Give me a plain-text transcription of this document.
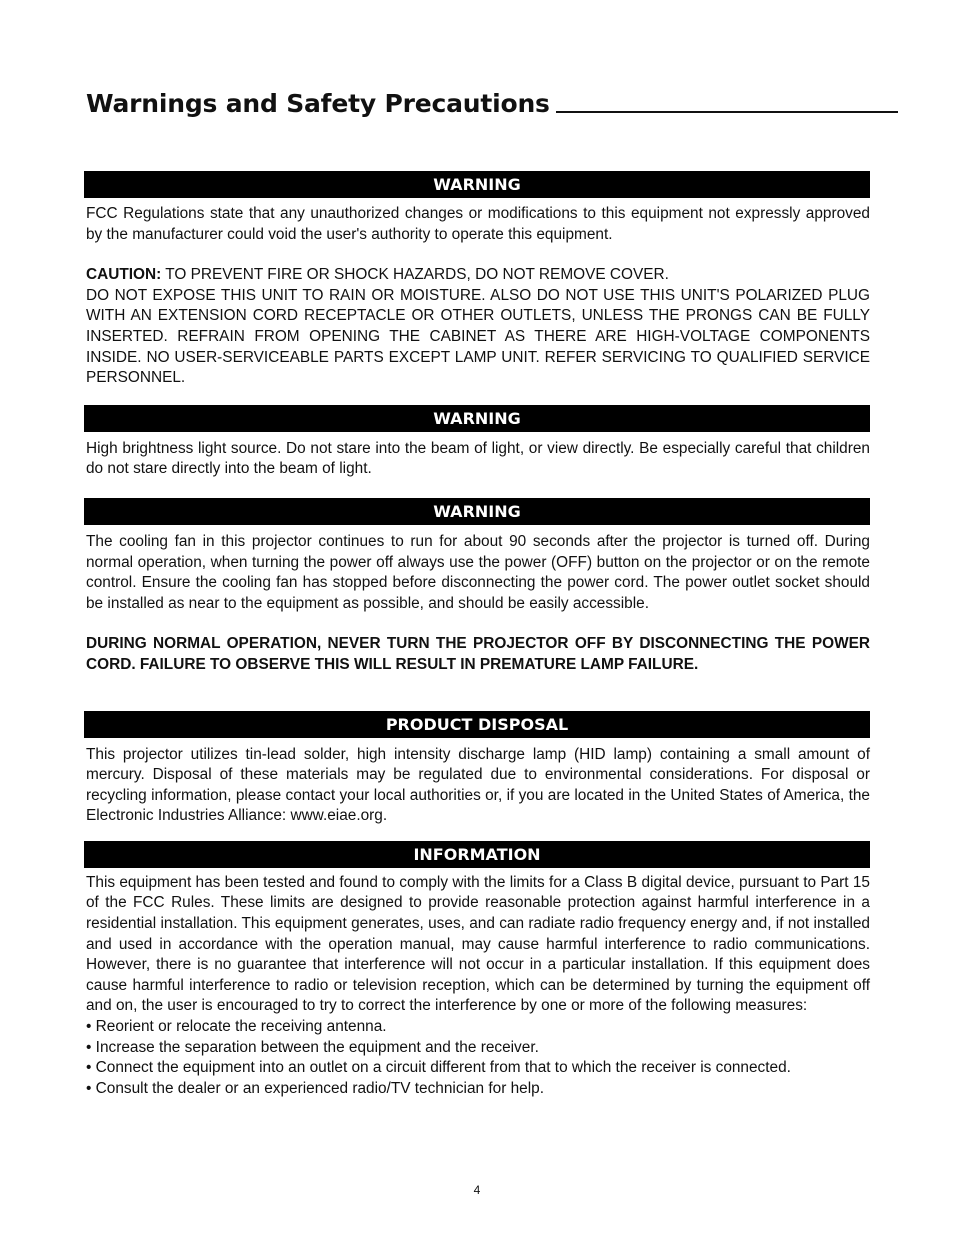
Warnings and Safety Precautions
WARNING

FCC Regulations state that any unauthorized changes or modifications to this equipment not expressly approved by the manufacturer could void the user's authority to operate this equipment.

CAUTION: TO PREVENT FIRE OR SHOCK HAZARDS, DO NOT REMOVE COVER.

DO NOT EXPOSE THIS UNIT TO RAIN OR MOISTURE. ALSO DO NOT USE THIS UNIT'S POLARIZED PLUG WITH AN EXTENSION CORD RECEPTACLE OR OTHER OUTLETS, UNLESS THE PRONGS CAN BE FULLY INSERTED. REFRAIN FROM OPENING THE CABINET AS THERE ARE HIGH-VOLTAGE COMPONENTS INSIDE. NO USER-SERVICEABLE PARTS EXCEPT LAMP UNIT. REFER SERVICING TO QUALIFIED SERVICE PERSONNEL.

WARNING

High brightness light source. Do not stare into the beam of light, or view directly. Be especially careful that children do not stare directly into the beam of light.

WARNING

The cooling fan in this projector continues to run for about 90 seconds after the projector is turned off. During normal operation, when turning the power off always use the power (OFF) button on the projector or on the remote control. Ensure the cooling fan has stopped before disconnecting the power cord. The power outlet socket should be installed as near to the equipment as possible, and should be easily accessible.

DURING NORMAL OPERATION, NEVER TURN THE PROJECTOR OFF BY DISCONNECTING THE POWER CORD. FAILURE TO OBSERVE THIS WILL RESULT IN PREMATURE LAMP FAILURE.

PRODUCT DISPOSAL

This projector utilizes tin-lead solder, high intensity discharge lamp (HID lamp) containing a small amount of mercury. Disposal of these materials may be regulated due to environmental considerations. For disposal or recycling information, please contact your local authorities or, if you are located in the United States of America, the Electronic Industries Alliance: www.eiae.org.

INFORMATION

This equipment has been tested and found to comply with the limits for a Class B digital device, pursuant to Part 15 of the FCC Rules. These limits are designed to provide reasonable protection against harmful interference in a residential installation. This equipment generates, uses, and can radiate radio frequency energy and, if not installed and used in accordance with the operation manual, may cause harmful interference to radio communications. However, there is no guarantee that interference will not occur in a particular installation. If this equipment does cause harmful interference to radio or television reception, which can be determined by turning the equipment off and on, the user is encouraged to try to correct the interference by one or more of the following measures:

• Reorient or relocate the receiving antenna.
• Increase the separation between the equipment and the receiver.
• Connect the equipment into an outlet on a circuit different from that to which the receiver is connected.
• Consult the dealer or an experienced radio/TV technician for help.
4
